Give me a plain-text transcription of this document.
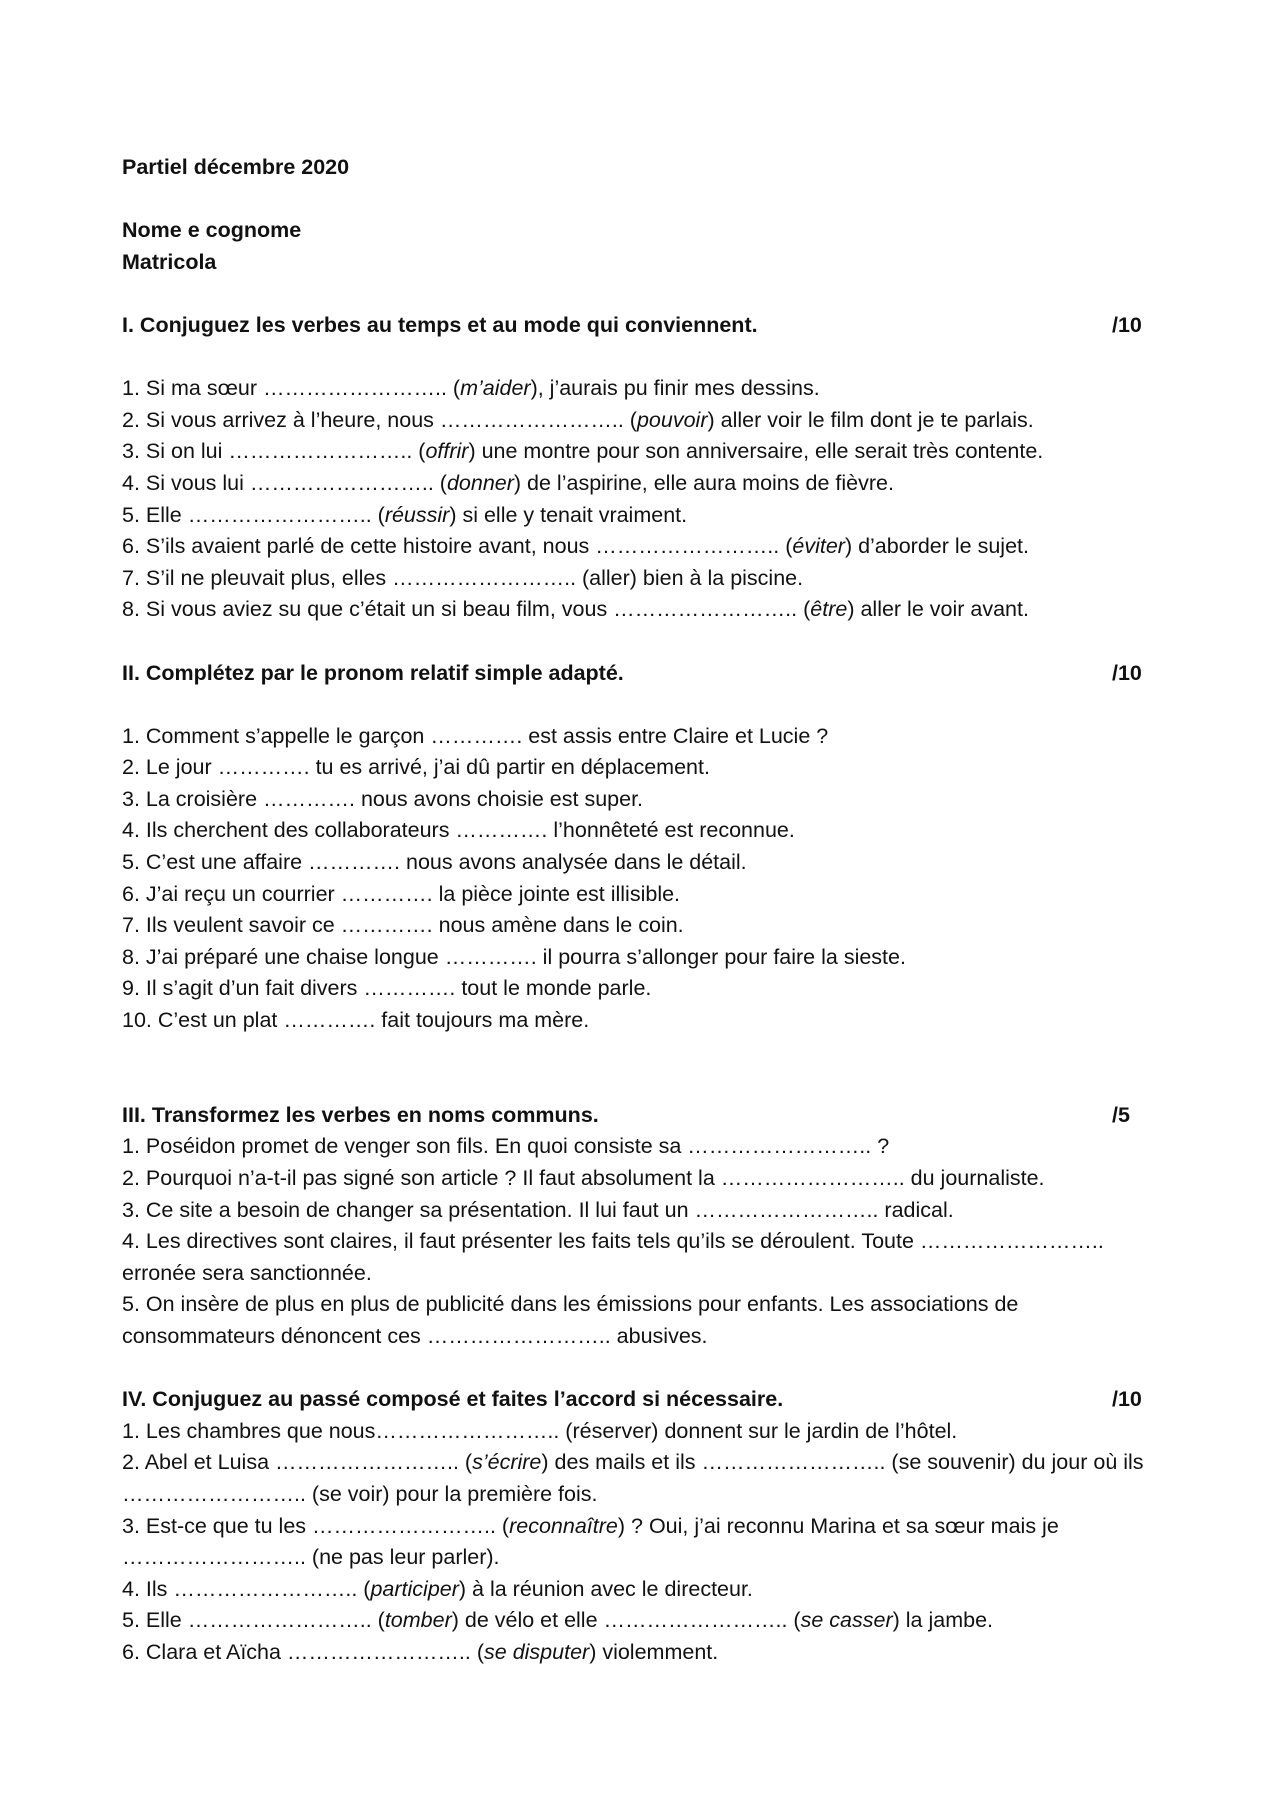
Partiel décembre 2020
Nome e cognome
Matricola
I. Conjuguez les verbes au temps et au mode qui conviennent.	/10
1. Si ma sœur …………………….. (m’aider), j’aurais pu finir mes dessins.
2. Si vous arrivez à l’heure, nous …………………….. (pouvoir) aller voir le film dont je te parlais.
3. Si on lui …………………….. (offrir) une montre pour son anniversaire, elle serait très contente.
4. Si vous lui …………………….. (donner) de l’aspirine, elle aura moins de fièvre.
5. Elle …………………….. (réussir) si elle y tenait vraiment.
6. S’ils avaient parlé de cette histoire avant, nous …………………….. (éviter) d’aborder le sujet.
7. S’il ne pleuvait plus, elles …………………….. (aller) bien à la piscine.
8. Si vous aviez su que c’était un si beau film, vous …………………….. (être) aller le voir avant.
II. Complétez par le pronom relatif simple adapté.	/10
1. Comment s’appelle le garçon …………. est assis entre Claire et Lucie ?
2. Le jour …………. tu es arrivé, j’ai dû partir en déplacement.
3. La croisière …………. nous avons choisie est super.
4. Ils cherchent des collaborateurs …………. l’honnêteté est reconnue.
5. C’est une affaire …………. nous avons analysée dans le détail.
6. J’ai reçu un courrier …………. la pièce jointe est illisible.
7. Ils veulent savoir ce …………. nous amène dans le coin.
8. J’ai préparé une chaise longue …………. il pourra s’allonger pour faire la sieste.
9. Il s’agit d’un fait divers …………. tout le monde parle.
10. C’est un plat …………. fait toujours ma mère.
III. Transformez les verbes en noms communs.	/5
1. Poséidon promet de venger son fils. En quoi consiste sa …………………….. ?
2. Pourquoi n’a-t-il pas signé son article ? Il faut absolument la …………………….. du journaliste.
3. Ce site a besoin de changer sa présentation. Il lui faut un …………………….. radical.
4. Les directives sont claires, il faut présenter les faits tels qu’ils se déroulent. Toute ……………………..
erronée sera sanctionnée.
5. On insère de plus en plus de publicité dans les émissions pour enfants. Les associations de
consommateurs dénoncent ces …………………….. abusives.
IV. Conjuguez au passé composé et faites l’accord si nécessaire.	/10
1. Les chambres que nous…………………….. (réserver) donnent sur le jardin de l’hôtel.
2. Abel et Luisa …………………….. (s’écrire) des mails et ils …………………….. (se souvenir) du jour où ils
…………………….. (se voir) pour la première fois.
3. Est-ce que tu les …………………….. (reconnaître) ? Oui, j’ai reconnu Marina et sa sœur mais je
…………………….. (ne pas leur parler).
4. Ils …………………….. (participer) à la réunion avec le directeur.
5. Elle …………………….. (tomber) de vélo et elle …………………….. (se casser) la jambe.
6. Clara et Aïcha …………………….. (se disputer) violemment.
